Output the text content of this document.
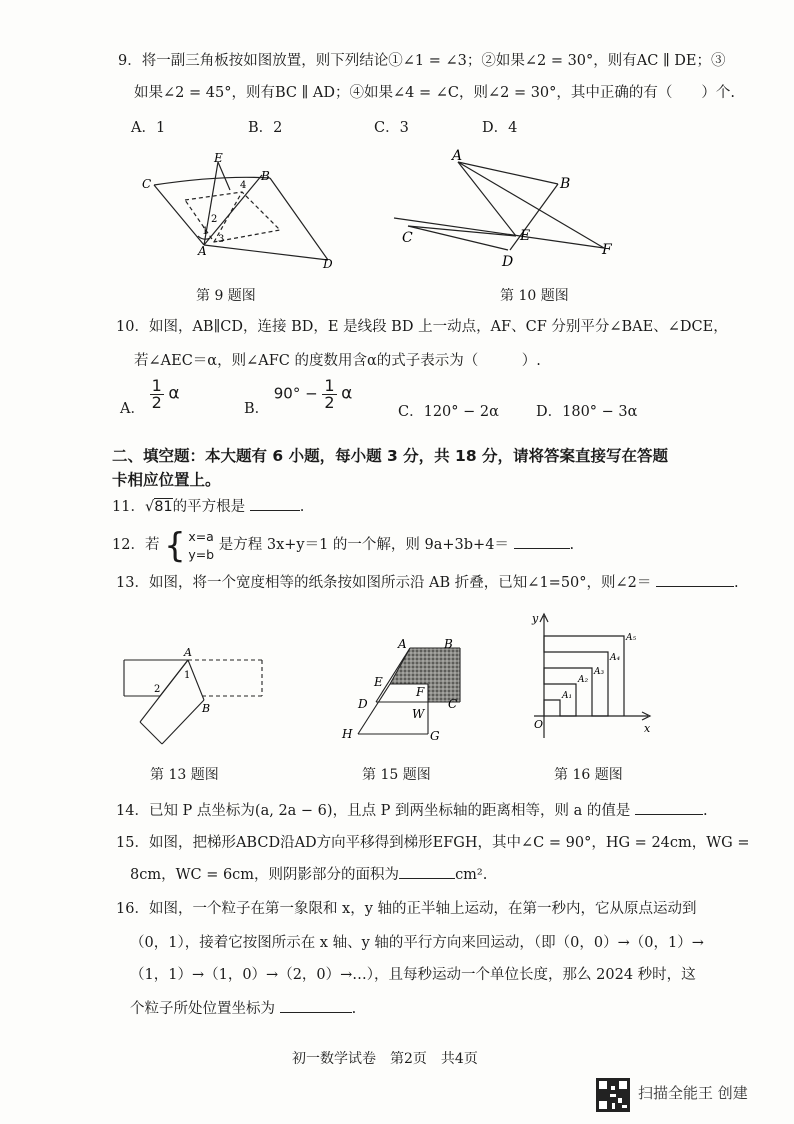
9．将一副三角板按如图放置，则下列结论①∠1 = ∠3；②如果∠2 = 30°，则有AC ∥ DE；③
如果∠2 = 45°，则有BC ∥ AD；④如果∠4 = ∠C，则∠2 = 30°，其中正确的有（　　）个.
A．1	B．2	C．3	D．4
E
B
C
A
D
1
2
3
4
第 9 题图
A
B
C	E
D
F
第 10 题图
10．如图，AB∥CD，连接 BD，E 是线段 BD 上一动点，AF、CF 分别平分∠BAE、∠DCE，
若∠AEC＝α，则∠AFC 的度数用含α的式子表示为（　　　）.
A． $\frac{1}{2}$ α
B． $90^\circ - \frac{1}{2}$ α
C．120° − 2α	D．180° − 3α
二、填空题：本大题有 6 小题，每小题 3 分，共 18 分，请将答案直接写在答题
卡相应位置上。
11．√81的平方根是	.
12．若 { x=a
y=b
是方程 3x+y＝1 的一个解，则 9a+3b+4＝	.
13．如图，将一个宽度相等的纸条按如图所示沿 AB 折叠，已知∠1=50°，则∠2＝	.
A
B
1
2
第 13 题图
A	B
E
F
C
D
W
H	G
第 15 题图
y
x
O
A₁
A₂
A₃
A₄
A₅
第 16 题图
14．已知 P 点坐标为(a, 2a − 6)，且点 P 到两坐标轴的距离相等，则 a 的值是	.
15．如图，把梯形ABCD沿AD方向平移得到梯形EFGH，其中∠C = 90°，HG = 24cm，WG =
8cm，WC = 6cm，则阴影部分的面积为	cm².
16．如图，一个粒子在第一象限和 x，y 轴的正半轴上运动，在第一秒内，它从原点运动到
（0，1），接着它按图所示在 x 轴、y 轴的平行方向来回运动，（即（0，0）→（0，1）→
（1，1）→（1，0）→（2，0）→…），且每秒运动一个单位长度，那么 2024 秒时，这
个粒子所处位置坐标为	.
初一数学试卷　第2页　共4页
扫描全能王 创建
